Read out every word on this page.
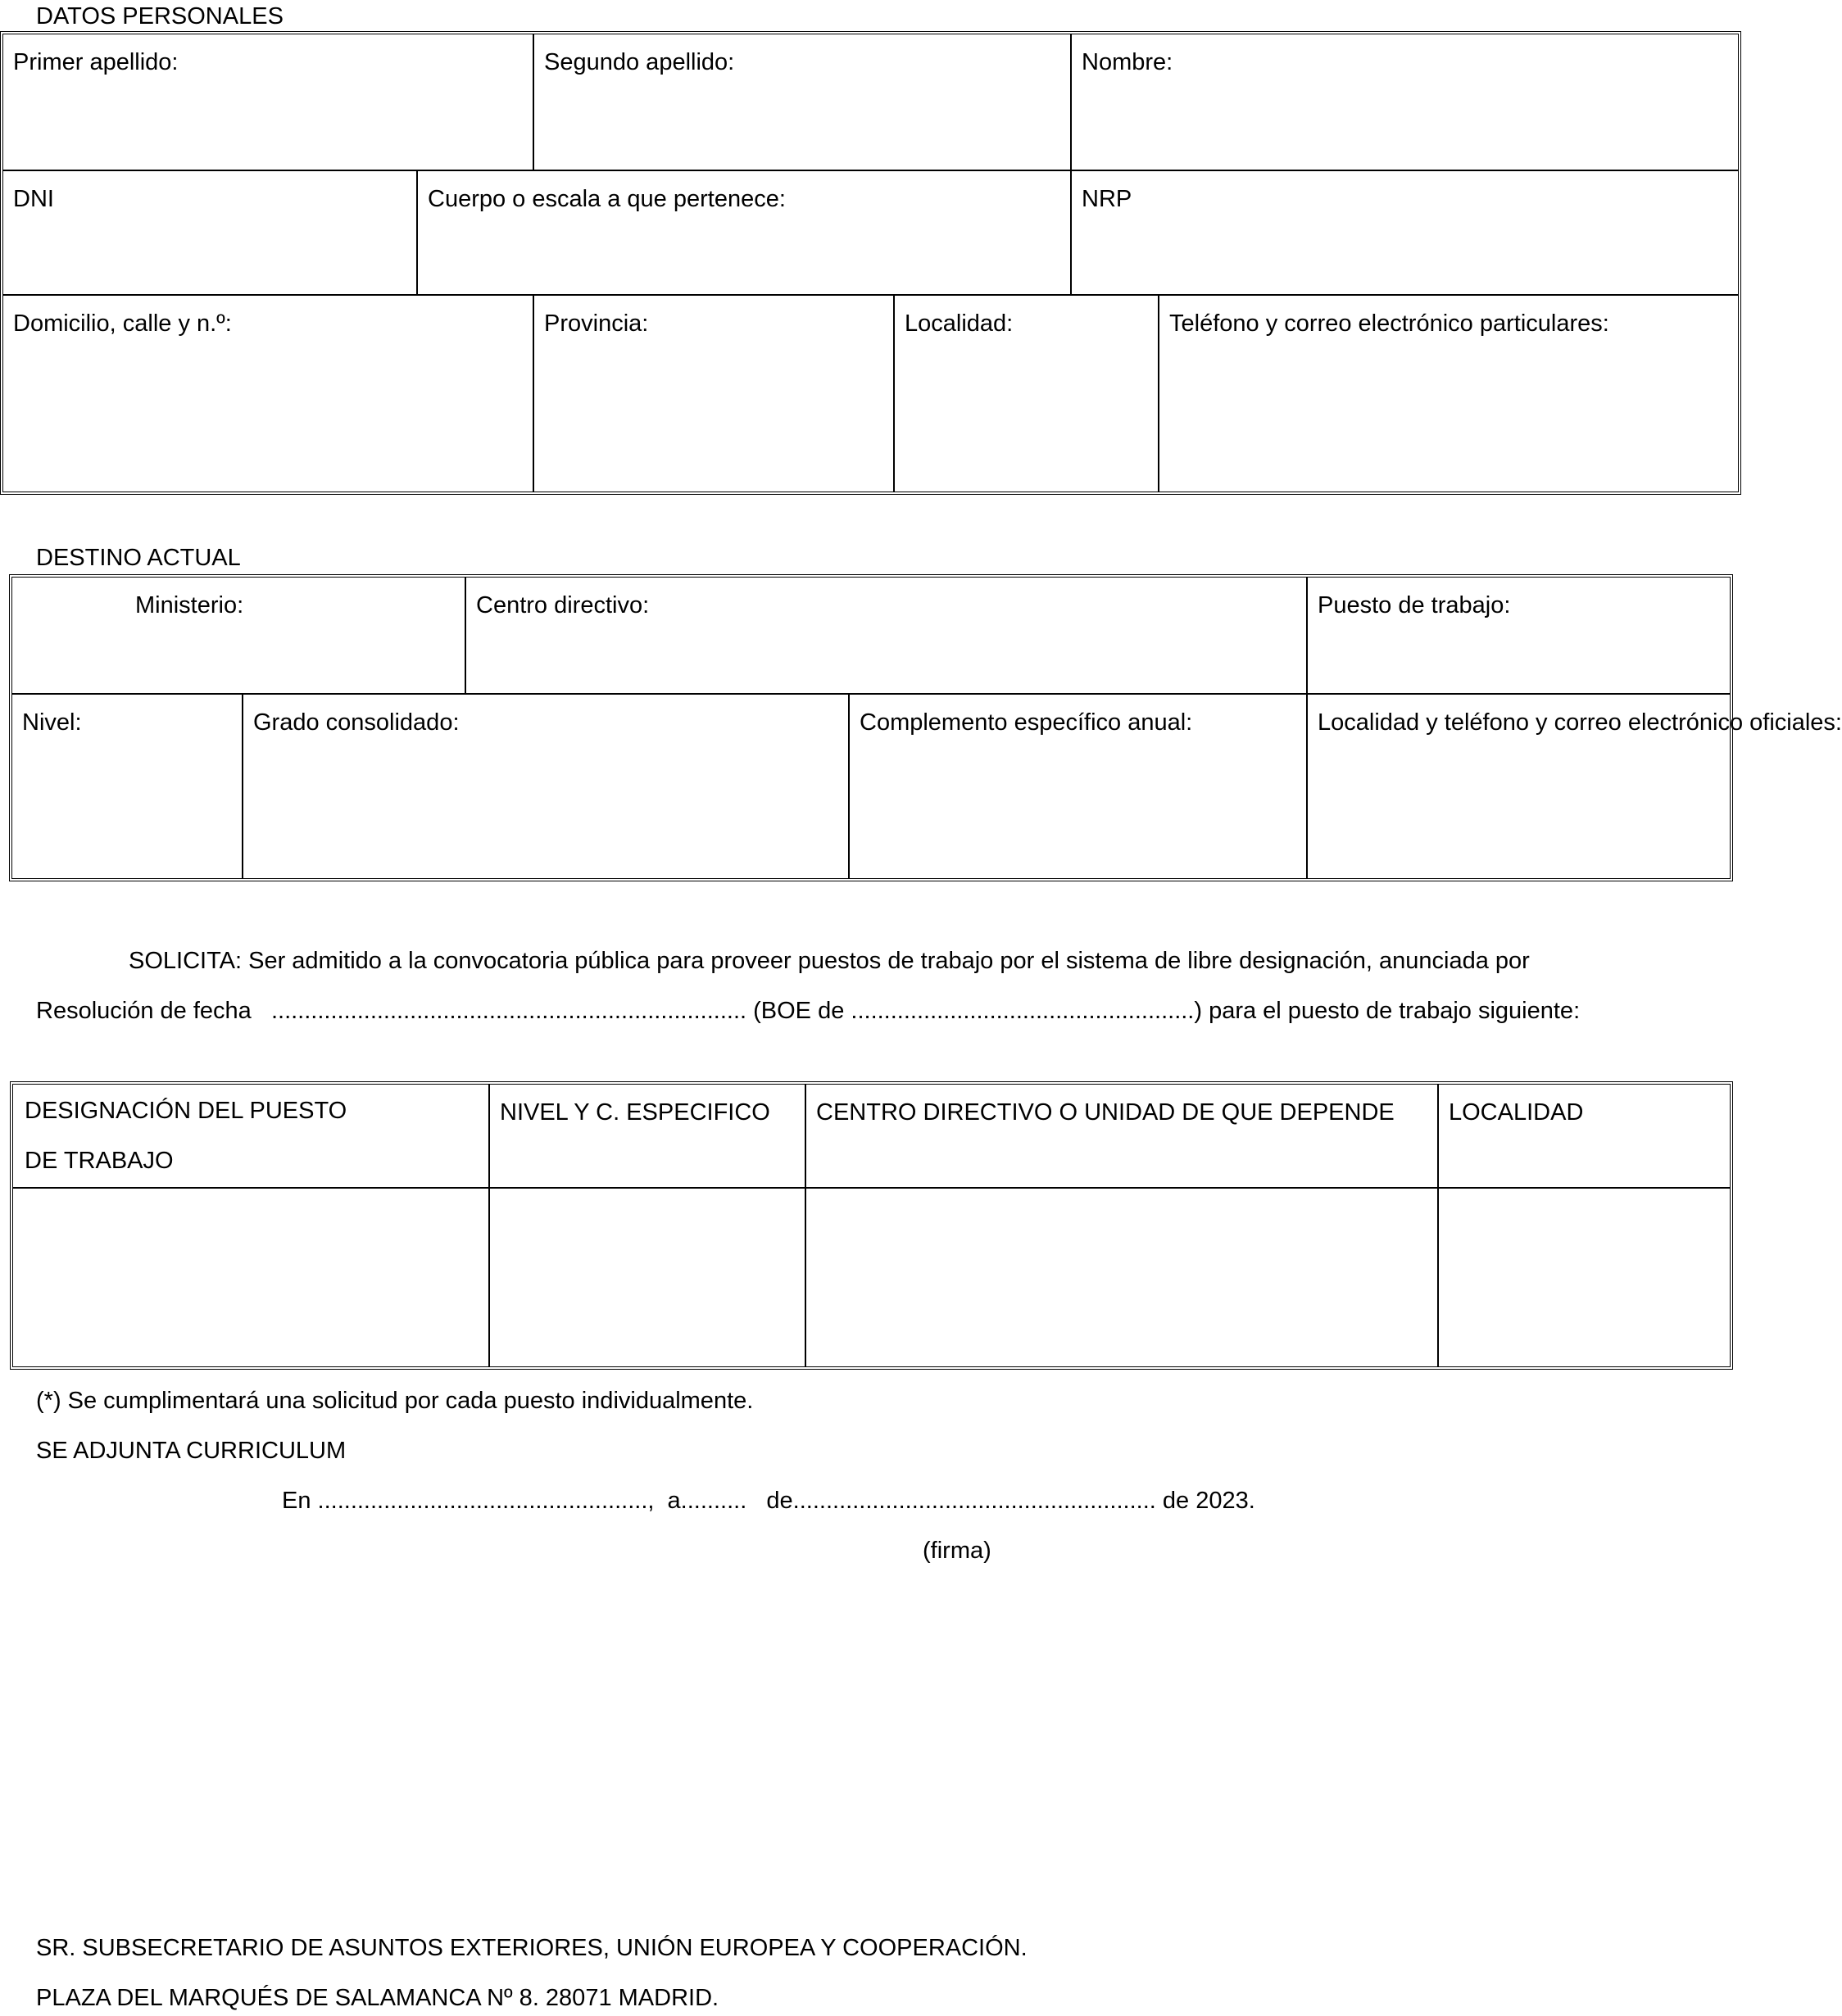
DATOS PERSONALES
Primer apellido:		Segundo apellido:		Nombre:	

DNI	Cuerpo o escala a que pertenece:			NRP	

Domicilio, calle y n.º:		Provincia:	Localidad:		Teléfono y correo electrónico particulares:
DESTINO ACTUAL
Ministerio:		Centro directivo:		Puesto de trabajo:

Nivel:	Grado consolidado:		Complemento específico anual:	Localidad y teléfono y correo electrónico oficiales:
SOLICITA: Ser admitido a la convocatoria pública para proveer puestos de trabajo por el sistema de libre designación, anunciada por
Resolución de fecha   ........................................................................ (BOE de ....................................................) para el puesto de trabajo siguiente:
DESIGNACIÓN DEL PUESTO
DE TRABAJO	NIVEL Y C. ESPECIFICO	CENTRO DIRECTIVO O UNIDAD DE QUE DEPENDE	LOCALIDAD

(*) Se cumplimentará una solicitud por cada puesto individualmente.
SE ADJUNTA CURRICULUM
En ..................................................,  a..........   de....................................................... de 2023.
(firma)
SR. SUBSECRETARIO DE ASUNTOS EXTERIORES, UNIÓN EUROPEA Y COOPERACIÓN.
PLAZA DEL MARQUÉS DE SALAMANCA Nº 8. 28071 MADRID.
